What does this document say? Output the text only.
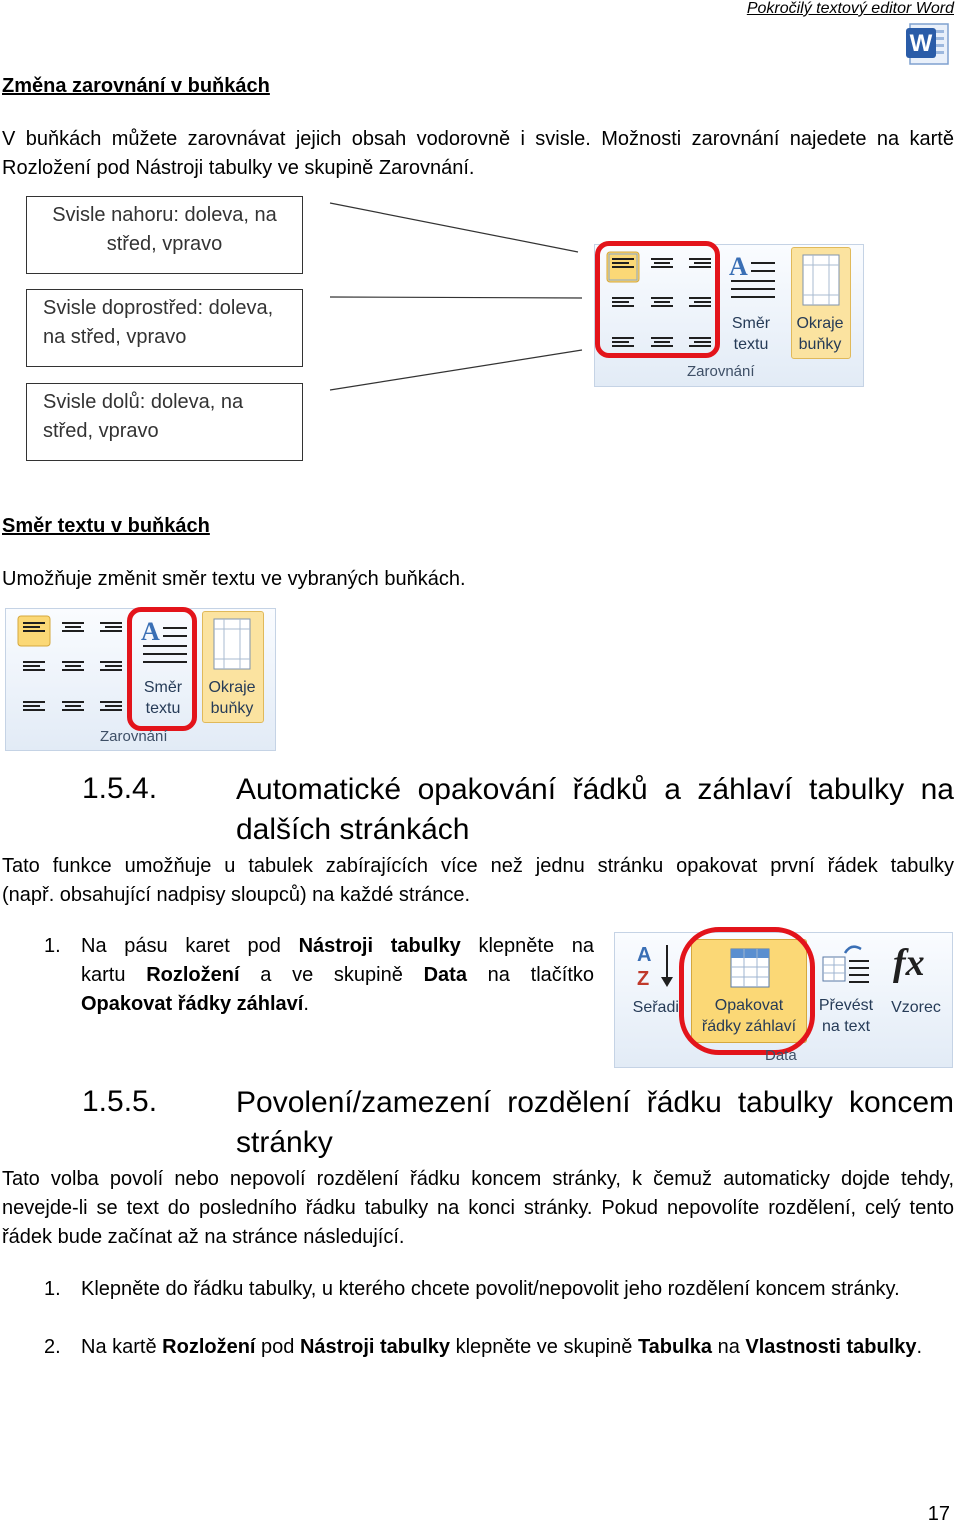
Pokročilý textový editor Word
W
Změna zarovnání v buňkách
V buňkách můžete zarovnávat jejich obsah vodorovně i svisle. Možnosti zarovnání najedete na kartě Rozložení pod Nástroji tabulky ve skupině Zarovnání.
Svisle nahoru: doleva, na střed, vpravo
Svisle doprostřed: doleva, na střed, vpravo
Svisle dolů: doleva, na střed, vpravo
A
Směr
textu
Okraje
buňky
Zarovnání
Směr textu v buňkách
Umožňuje změnit směr textu ve vybraných buňkách.
A
Směr
textu
Okraje
buňky
Zarovnání
1.5.4.	Automatické opakování řádků a záhlaví tabulky na
dalších stránkách
Tato funkce umožňuje u tabulek zabírajících více než jednu stránku opakovat první řádek tabulky
(např. obsahující nadpisy sloupců) na každé stránce.
1. Na pásu karet pod Nástroji tabulky klepněte na
kartu Rozložení a ve skupině Data na tlačítko
Opakovat řádky záhlaví.
A
Z
Seřadit	Opakovat
řádky záhlaví
Převést
na text
fx
Vzorec
Data
1.5.5.	Povolení/zamezení rozdělení řádku tabulky koncem
stránky
Tato volba povolí nebo nepovolí rozdělení řádku koncem stránky, k čemuž automaticky dojde tehdy, nevejde-li se text do posledního řádku tabulky na konci stránky. Pokud nepovolíte rozdělení, celý tento řádek bude začínat až na stránce následující.
1. Klepněte do řádku tabulky, u kterého chcete povolit/nepovolit jeho rozdělení koncem stránky.
2. Na kartě Rozložení pod Nástroji tabulky klepněte ve skupině Tabulka na Vlastnosti tabulky.
17
